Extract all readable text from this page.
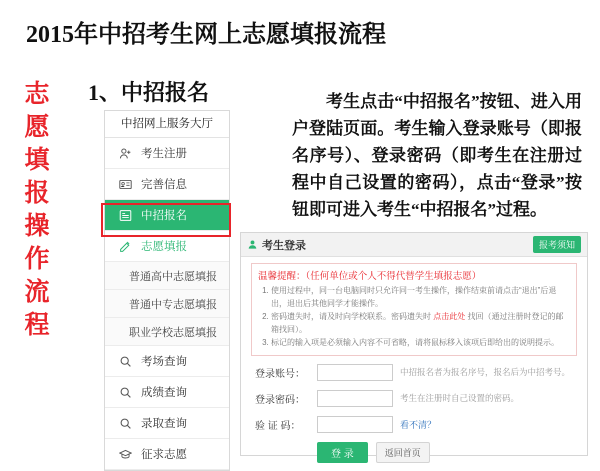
2015年中招考生网上志愿填报流程
志
愿
填
报
操
作
流
程
1、中招报名	考生点击“中招报名”按钮、进入用户登陆页面。考生输入登录账号（即报名序号）、登录密码（即考生在注册过程中自己设置的密码），点击“登录”按钮即可进入考生“中招报名”过程。
中招网上服务大厅
考生注册
完善信息
中招报名
志愿填报
普通高中志愿填报
普通中专志愿填报
职业学校志愿填报
考场查询
成绩查询
录取查询
征求志愿
考生登录	报考须知
温馨提醒：（任何单位或个人不得代替学生填报志愿）
1. 使用过程中，同一台电脑同时只允许同一考生操作，操作结束前请点击“退出”后退出，退出后其他同学才能操作。
2. 密码遗失时，请及时向学校联系。密码遗失时 点击此处 找回（通过注册时登记的邮箱找回）。
3. 标记的输入项是必须输入内容不可省略，请将鼠标移入该项后即给出的说明提示。
登录账号：	中招报名者为报名序号，报名后为中招考号。
登录密码：	考生在注册时自己设置的密码。
验 证 码：	看不清？
登 录	返回首页
